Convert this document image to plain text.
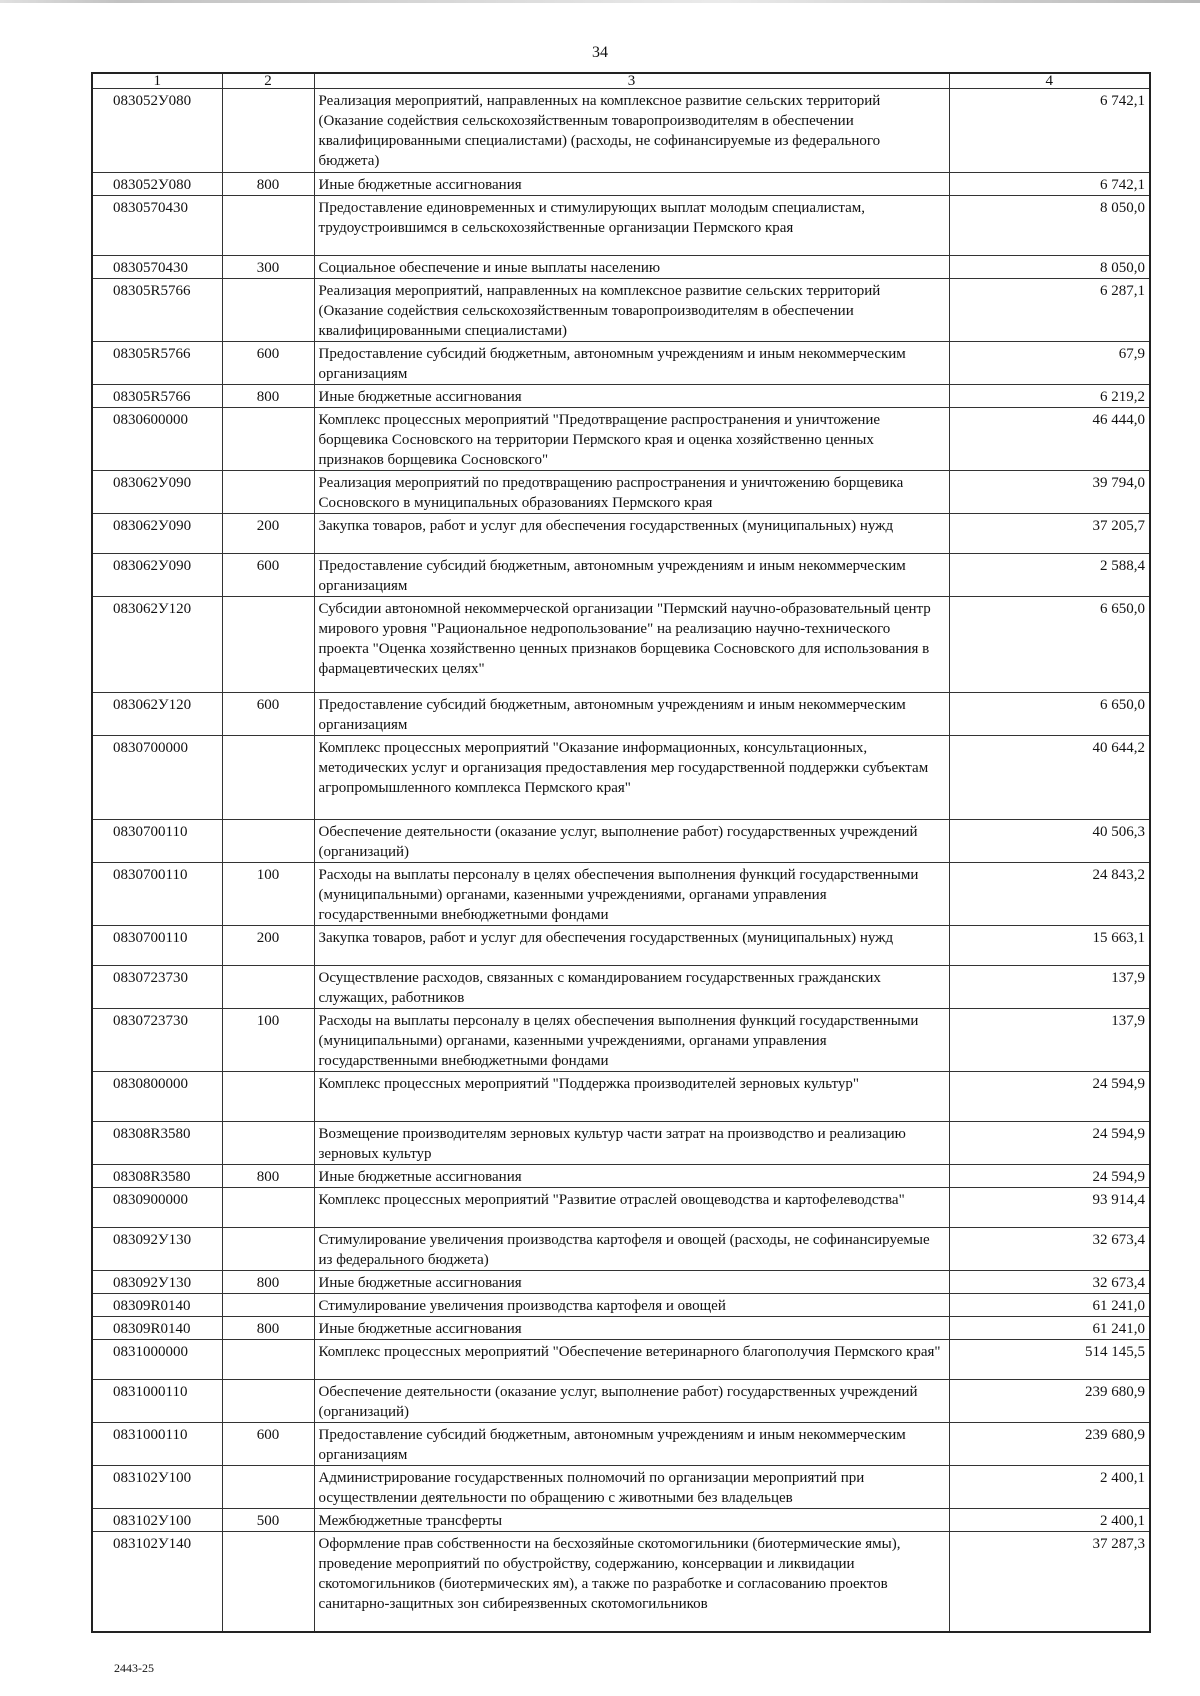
34
1	2	3	4
083052У080		Реализация мероприятий, направленных на комплексное развитие сельских территорий (Оказание содействия сельскохозяйственным товаропроизводителям в обеспечении квалифицированными специалистами) (расходы, не софинансируемые из федерального бюджета)	6 742,1
083052У080	800	Иные бюджетные ассигнования	6 742,1
0830570430		Предоставление единовременных и стимулирующих выплат молодым специалистам, трудоустроившимся в сельскохозяйственные организации Пермского края	8 050,0
0830570430	300	Социальное обеспечение и иные выплаты населению	8 050,0
08305R5766		Реализация мероприятий, направленных на комплексное развитие сельских территорий (Оказание содействия сельскохозяйственным товаропроизводителям в обеспечении квалифицированными специалистами)	6 287,1
08305R5766	600	Предоставление субсидий бюджетным, автономным учреждениям и иным некоммерческим организациям	67,9
08305R5766	800	Иные бюджетные ассигнования	6 219,2
0830600000		Комплекс процессных мероприятий "Предотвращение распространения и уничтожение борщевика Сосновского на территории Пермского края и оценка хозяйственно ценных признаков борщевика Сосновского"	46 444,0
083062У090		Реализация мероприятий по предотвращению распространения и уничтожению борщевика Сосновского в муниципальных образованиях Пермского края	39 794,0
083062У090	200	Закупка товаров, работ и услуг для обеспечения государственных (муниципальных) нужд	37 205,7
083062У090	600	Предоставление субсидий бюджетным, автономным учреждениям и иным некоммерческим организациям	2 588,4
083062У120		Субсидии автономной некоммерческой организации "Пермский научно-образовательный центр мирового уровня "Рациональное недропользование" на реализацию научно-технического проекта "Оценка хозяйственно ценных признаков борщевика Сосновского для использования в фармацевтических целях"	6 650,0
083062У120	600	Предоставление субсидий бюджетным, автономным учреждениям и иным некоммерческим организациям	6 650,0
0830700000		Комплекс процессных мероприятий "Оказание информационных, консультационных, методических услуг и организация предоставления мер государственной поддержки субъектам агропромышленного комплекса Пермского края"	40 644,2
0830700110		Обеспечение деятельности (оказание услуг, выполнение работ) государственных учреждений (организаций)	40 506,3
0830700110	100	Расходы на выплаты персоналу в целях обеспечения выполнения функций государственными (муниципальными) органами, казенными учреждениями, органами управления государственными внебюджетными фондами	24 843,2
0830700110	200	Закупка товаров, работ и услуг для обеспечения государственных (муниципальных) нужд	15 663,1
0830723730		Осуществление расходов, связанных с командированием государственных гражданских служащих, работников	137,9
0830723730	100	Расходы на выплаты персоналу в целях обеспечения выполнения функций государственными (муниципальными) органами, казенными учреждениями, органами управления государственными внебюджетными фондами	137,9
0830800000		Комплекс процессных мероприятий "Поддержка производителей зерновых культур"	24 594,9
08308R3580		Возмещение производителям зерновых культур части затрат на производство и реализацию зерновых культур	24 594,9
08308R3580	800	Иные бюджетные ассигнования	24 594,9
0830900000		Комплекс процессных мероприятий "Развитие отраслей овощеводства и картофелеводства"	93 914,4
083092У130		Стимулирование увеличения производства картофеля и овощей (расходы, не софинансируемые из федерального бюджета)	32 673,4
083092У130	800	Иные бюджетные ассигнования	32 673,4
08309R0140		Стимулирование увеличения производства картофеля и овощей	61 241,0
08309R0140	800	Иные бюджетные ассигнования	61 241,0
0831000000		Комплекс процессных мероприятий "Обеспечение ветеринарного благополучия Пермского края"	514 145,5
0831000110		Обеспечение деятельности (оказание услуг, выполнение работ) государственных учреждений (организаций)	239 680,9
0831000110	600	Предоставление субсидий бюджетным, автономным учреждениям и иным некоммерческим организациям	239 680,9
083102У100		Администрирование государственных полномочий по организации мероприятий при осуществлении деятельности по обращению с животными без владельцев	2 400,1
083102У100	500	Межбюджетные трансферты	2 400,1
083102У140		Оформление прав собственности на бесхозяйные скотомогильники (биотермические ямы), проведение мероприятий по обустройству, содержанию, консервации и ликвидации скотомогильников (биотермических ям), а также по разработке и согласованию проектов санитарно-защитных зон сибиреязвенных скотомогильников	37 287,3
2443-25
